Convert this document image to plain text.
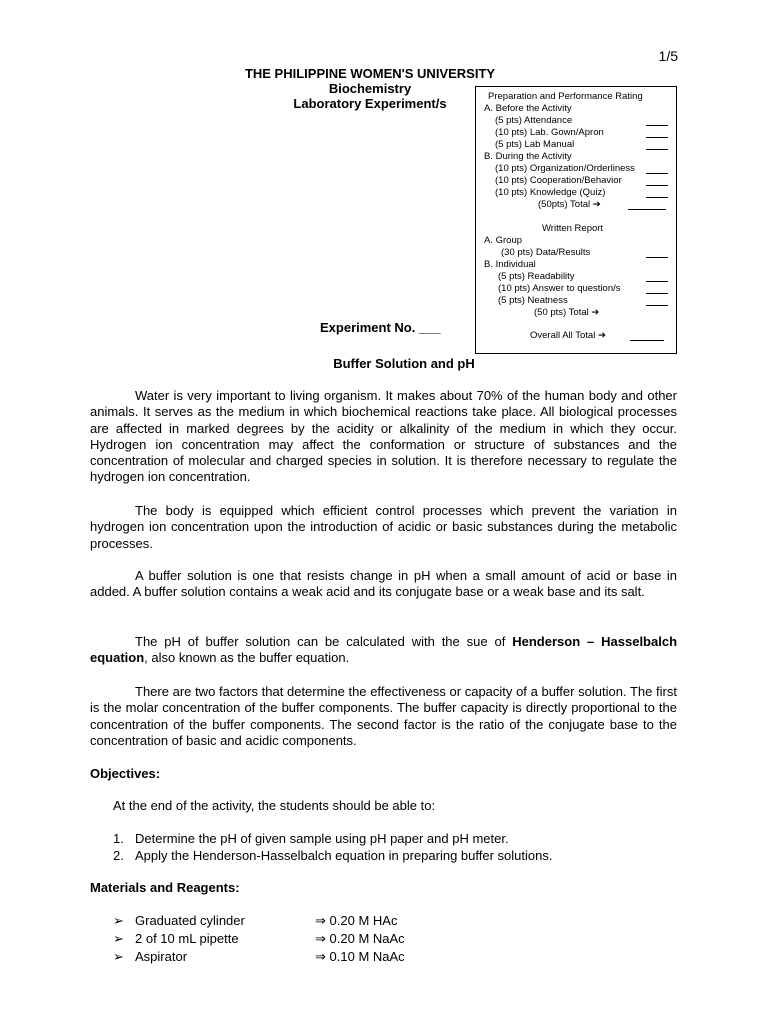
1/5
THE PHILIPPINE WOMEN'S UNIVERSITY
Biochemistry
Laboratory Experiment/s	Preparation and Performance Rating
A. Before the Activity
(5 pts) Attendance
(10 pts) Lab. Gown/Apron
(5 pts) Lab Manual
B. During the Activity
(10 pts) Organization/Orderliness
(10 pts) Cooperation/Behavior
(10 pts) Knowledge (Quiz)
(50pts) Total ➔
Written Report
A. Group
(30 pts) Data/Results
B. Individual
(5 pts) Readability
(10 pts) Answer to question/s
(5 pts) Neatness
(50 pts) Total ➔
Overall All Total ➔
Experiment No. ___
Buffer Solution and pH
Water is very important to living organism. It makes about 70% of the human body and other animals. It serves as the medium in which biochemical reactions take place. All biological processes are affected in marked degrees by the acidity or alkalinity of the medium in which they occur. Hydrogen ion concentration may affect the conformation or structure of substances and the concentration of molecular and charged species in solution. It is therefore necessary to regulate the hydrogen ion concentration.
The body is equipped which efficient control processes which prevent the variation in hydrogen ion concentration upon the introduction of acidic or basic substances during the metabolic processes.
A buffer solution is one that resists change in pH when a small amount of acid or base in added. A buffer solution contains a weak acid and its conjugate base or a weak base and its salt.
The pH of buffer solution can be calculated with the sue of Henderson – Hasselbalch equation, also known as the buffer equation.
There are two factors that determine the effectiveness or capacity of a buffer solution. The first is the molar concentration of the buffer components. The buffer capacity is directly proportional to the concentration of the buffer components. The second factor is the ratio of the conjugate base to the concentration of basic and acidic components.
Objectives:
At the end of the activity, the students should be able to:
1. Determine the pH of given sample using pH paper and pH meter.
2. Apply the Henderson-Hasselbalch equation in preparing buffer solutions.
Materials and Reagents:
➢ Graduated cylinder	⇒ 0.20 M HAc
➢ 2 of 10 mL pipette	⇒ 0.20 M NaAc
➢ Aspirator	⇒ 0.10 M NaAc
